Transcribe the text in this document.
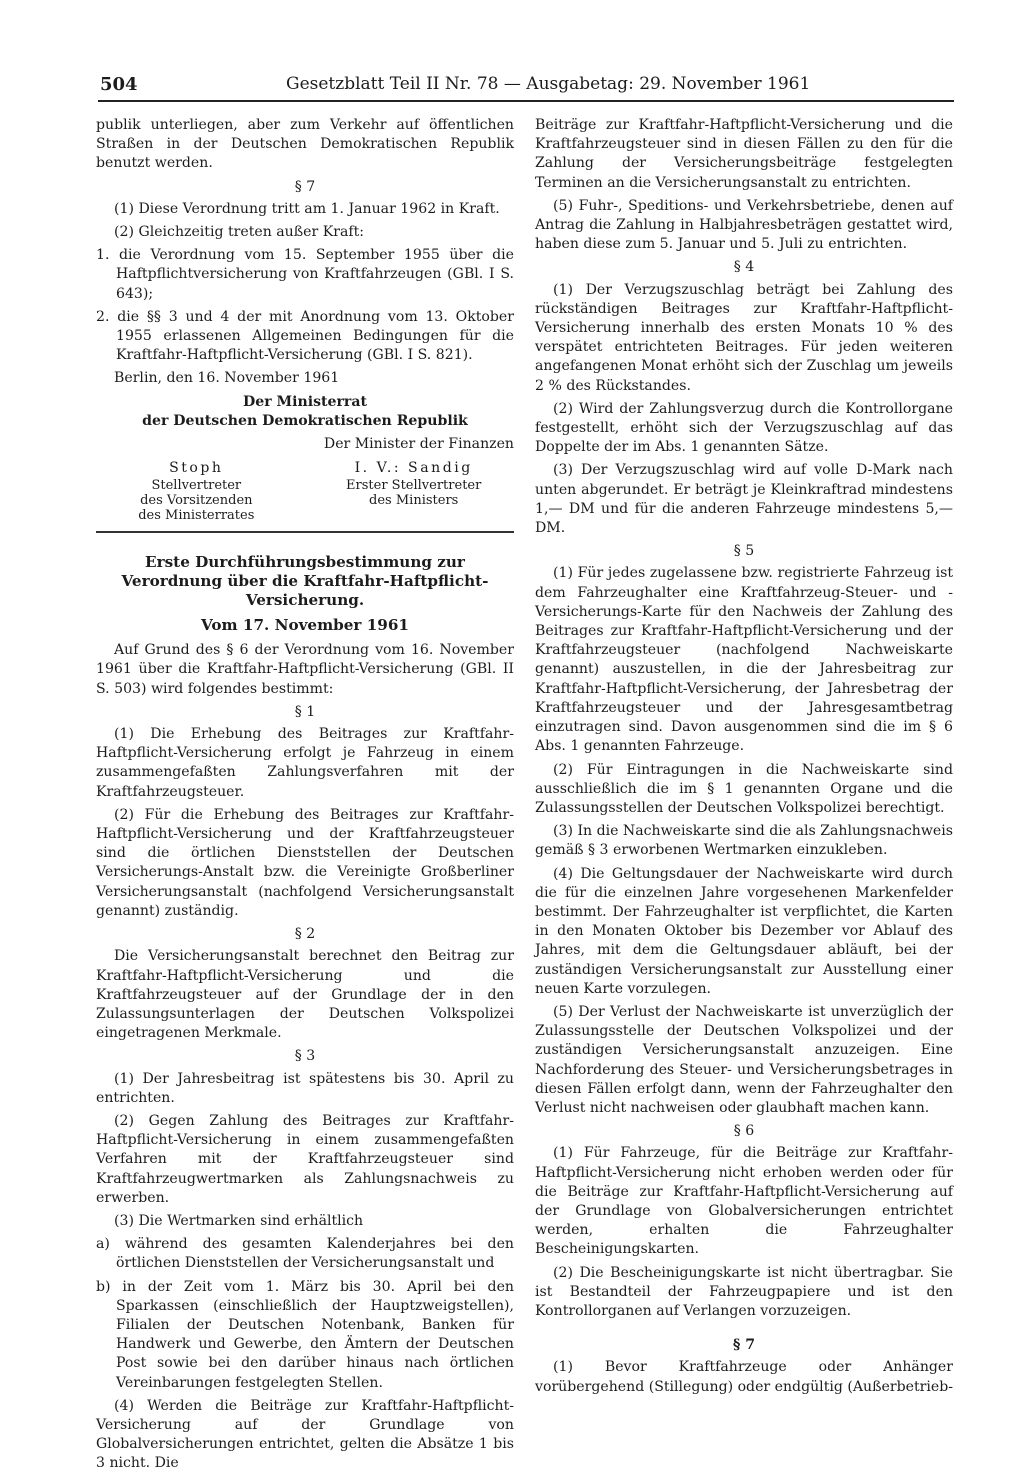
504	Gesetzblatt Teil II Nr. 78 — Ausgabetag: 29. November 1961

publik unterliegen, aber zum Verkehr auf öffentlichen Straßen in der Deutschen Demokratischen Republik benutzt werden.

§ 7

(1) Diese Verordnung tritt am 1. Januar 1962 in Kraft.

(2) Gleichzeitig treten außer Kraft:

1. die Verordnung vom 15. September 1955 über die Haftpflichtversicherung von Kraftfahrzeugen (GBl. I S. 643);

2. die §§ 3 und 4 der mit Anordnung vom 13. Oktober 1955 erlassenen Allgemeinen Bedingungen für die Kraftfahr-Haftpflicht-Versicherung (GBl. I S. 821).

Berlin, den 16. November 1961

Der Ministerrat

der Deutschen Demokratischen Republik

Der Minister der Finanzen

Stoph
Stellvertreter
des Vorsitzenden
des Ministerrates
I. V.: Sandig
Erster Stellvertreter
des Ministers
Erste Durchführungsbestimmung zur Verordnung über die Kraftfahr-Haftpflicht-Versicherung.
Vom 17. November 1961

Auf Grund des § 6 der Verordnung vom 16. November 1961 über die Kraftfahr-Haftpflicht-Versicherung (GBl. II S. 503) wird folgendes bestimmt:

§ 1

(1) Die Erhebung des Beitrages zur Kraftfahr-Haftpflicht-Versicherung erfolgt je Fahrzeug in einem zusammengefaßten Zahlungsverfahren mit der Kraftfahrzeugsteuer.

(2) Für die Erhebung des Beitrages zur Kraftfahr-Haftpflicht-Versicherung und der Kraftfahrzeugsteuer sind die örtlichen Dienststellen der Deutschen Versicherungs-Anstalt bzw. die Vereinigte Großberliner Versicherungsanstalt (nachfolgend Versicherungsanstalt genannt) zuständig.

§ 2

Die Versicherungsanstalt berechnet den Beitrag zur Kraftfahr-Haftpflicht-Versicherung und die Kraftfahrzeugsteuer auf der Grundlage der in den Zulassungsunterlagen der Deutschen Volkspolizei eingetragenen Merkmale.

§ 3

(1) Der Jahresbeitrag ist spätestens bis 30. April zu entrichten.

(2) Gegen Zahlung des Beitrages zur Kraftfahr-Haftpflicht-Versicherung in einem zusammengefaßten Verfahren mit der Kraftfahrzeugsteuer sind Kraftfahrzeugwertmarken als Zahlungsnachweis zu erwerben.

(3) Die Wertmarken sind erhältlich

a) während des gesamten Kalenderjahres bei den örtlichen Dienststellen der Versicherungsanstalt und

b) in der Zeit vom 1. März bis 30. April bei den Sparkassen (einschließlich der Hauptzweigstellen), Filialen der Deutschen Notenbank, Banken für Handwerk und Gewerbe, den Ämtern der Deutschen Post sowie bei den darüber hinaus nach örtlichen Vereinbarungen festgelegten Stellen.

(4) Werden die Beiträge zur Kraftfahr-Haftpflicht-Versicherung auf der Grundlage von Globalversicherungen entrichtet, gelten die Absätze 1 bis 3 nicht. Die

Beiträge zur Kraftfahr-Haftpflicht-Versicherung und die Kraftfahrzeugsteuer sind in diesen Fällen zu den für die Zahlung der Versicherungsbeiträge festgelegten Terminen an die Versicherungsanstalt zu entrichten.

(5) Fuhr-, Speditions- und Verkehrsbetriebe, denen auf Antrag die Zahlung in Halbjahresbeträgen gestattet wird, haben diese zum 5. Januar und 5. Juli zu entrichten.

§ 4

(1) Der Verzugszuschlag beträgt bei Zahlung des rückständigen Beitrages zur Kraftfahr-Haftpflicht-Versicherung innerhalb des ersten Monats 10 % des verspätet entrichteten Beitrages. Für jeden weiteren angefangenen Monat erhöht sich der Zuschlag um jeweils 2 % des Rückstandes.

(2) Wird der Zahlungsverzug durch die Kontrollorgane festgestellt, erhöht sich der Verzugszuschlag auf das Doppelte der im Abs. 1 genannten Sätze.

(3) Der Verzugszuschlag wird auf volle D-Mark nach unten abgerundet. Er beträgt je Kleinkraftrad mindestens 1,— DM und für die anderen Fahrzeuge mindestens 5,— DM.

§ 5

(1) Für jedes zugelassene bzw. registrierte Fahrzeug ist dem Fahrzeughalter eine Kraftfahrzeug-Steuer- und -Versicherungs-Karte für den Nachweis der Zahlung des Beitrages zur Kraftfahr-Haftpflicht-Versicherung und der Kraftfahrzeugsteuer (nachfolgend Nachweiskarte genannt) auszustellen, in die der Jahresbeitrag zur Kraftfahr-Haftpflicht-Versicherung, der Jahresbetrag der Kraftfahrzeugsteuer und der Jahresgesamtbetrag einzutragen sind. Davon ausgenommen sind die im § 6 Abs. 1 genannten Fahrzeuge.

(2) Für Eintragungen in die Nachweiskarte sind ausschließlich die im § 1 genannten Organe und die Zulassungsstellen der Deutschen Volkspolizei berechtigt.

(3) In die Nachweiskarte sind die als Zahlungsnachweis gemäß § 3 erworbenen Wertmarken einzukleben.

(4) Die Geltungsdauer der Nachweiskarte wird durch die für die einzelnen Jahre vorgesehenen Markenfelder bestimmt. Der Fahrzeughalter ist verpflichtet, die Karten in den Monaten Oktober bis Dezember vor Ablauf des Jahres, mit dem die Geltungsdauer abläuft, bei der zuständigen Versicherungsanstalt zur Ausstellung einer neuen Karte vorzulegen.

(5) Der Verlust der Nachweiskarte ist unverzüglich der Zulassungsstelle der Deutschen Volkspolizei und der zuständigen Versicherungsanstalt anzuzeigen. Eine Nachforderung des Steuer- und Versicherungsbetrages in diesen Fällen erfolgt dann, wenn der Fahrzeughalter den Verlust nicht nachweisen oder glaubhaft machen kann.

§ 6

(1) Für Fahrzeuge, für die Beiträge zur Kraftfahr-Haftpflicht-Versicherung nicht erhoben werden oder für die Beiträge zur Kraftfahr-Haftpflicht-Versicherung auf der Grundlage von Globalversicherungen entrichtet werden, erhalten die Fahrzeughalter Bescheinigungskarten.

(2) Die Bescheinigungskarte ist nicht übertragbar. Sie ist Bestandteil der Fahrzeugpapiere und ist den Kontrollorganen auf Verlangen vorzuzeigen.

§ 7

(1) Bevor Kraftfahrzeuge oder Anhänger vorübergehend (Stillegung) oder endgültig (Außerbetrieb-
